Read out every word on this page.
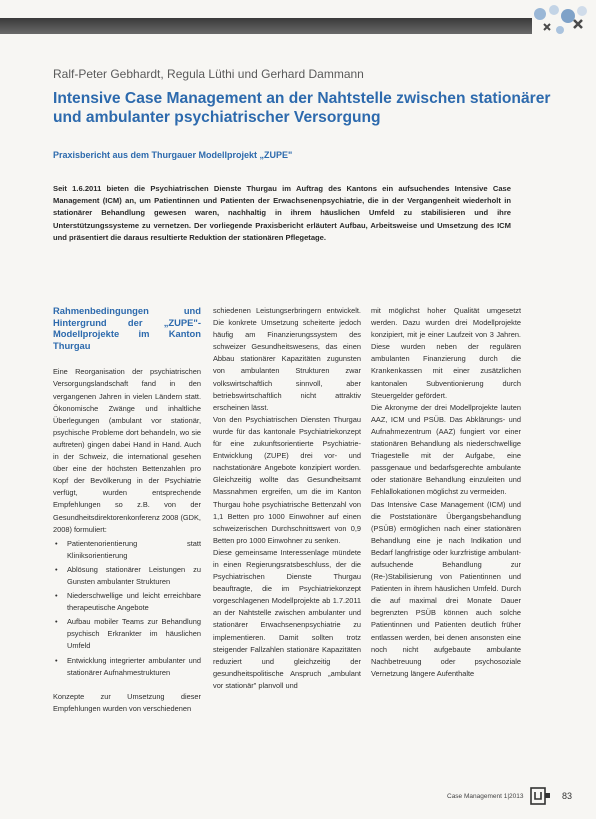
Ralf-Peter Gebhardt, Regula Lüthi und Gerhard Dammann
Intensive Case Management an der Nahtstelle zwischen stationärer und ambulanter psychiatrischer Versorgung
Praxisbericht aus dem Thurgauer Modellprojekt „ZUPE"
Seit 1.6.2011 bieten die Psychiatrischen Dienste Thurgau im Auftrag des Kantons ein aufsuchendes Intensive Case Management (ICM) an, um Patientinnen und Patienten der Erwachsenenpsychiatrie, die in der Vergangenheit wiederholt in stationärer Behandlung gewesen waren, nachhaltig in ihrem häuslichen Umfeld zu stabilisieren und ihre Unterstützungssysteme zu vernetzen. Der vorliegende Praxisbericht erläutert Aufbau, Arbeitsweise und Umsetzung des ICM und präsentiert die daraus resultierte Reduktion der stationären Pflegetage.
Rahmenbedingungen und Hintergrund der „ZUPE"-Modellprojekte im Kanton Thurgau

Eine Reorganisation der psychiatrischen Versorgungslandschaft fand in den vergangenen Jahren in vielen Ländern statt. Ökonomische Zwänge und inhaltliche Überlegungen (ambulant vor stationär, psychische Probleme dort behandeln, wo sie auftreten) gingen dabei Hand in Hand. Auch in der Schweiz, die international gesehen über eine der höchsten Bettenzahlen pro Kopf der Bevölkerung in der Psychiatrie verfügt, wurden entsprechende Empfehlungen so z.B. von der Gesundheitsdirektorenkonferenz 2008 (GDK, 2008) formuliert:

• Patientenorientierung statt Kliniksorientierung
• Ablösung stationärer Leistungen zu Gunsten ambulanter Strukturen
• Niederschwellige und leicht erreichbare therapeutische Angebote
• Aufbau mobiler Teams zur Behandlung psychisch Erkrankter im häuslichen Umfeld
• Entwicklung integrierter ambulanter und stationärer Aufnahmestrukturen

Konzepte zur Umsetzung dieser Empfehlungen wurden von verschiedenen

schiedenen Leistungserbringern entwickelt. Die konkrete Umsetzung scheiterte jedoch häufig am Finanzierungssystem des schweizer Gesundheitswesens, das einen Abbau stationärer Kapazitäten zugunsten von ambulanten Strukturen zwar volkswirtschaftlich sinnvoll, aber betriebswirtschaftlich nicht attraktiv erscheinen lässt.

Von den Psychiatrischen Diensten Thurgau wurde für das kantonale Psychiatriekonzept für eine zukunftsorientierte Psychiatrie-Entwicklung (ZUPE) drei vor- und nachstationäre Angebote konzipiert worden. Gleichzeitig wollte das Gesundheitsamt Massnahmen ergreifen, um die im Kanton Thurgau hohe psychiatrische Bettenzahl von 1,1 Betten pro 1000 Einwohner auf einen schweizerischen Durchschnittswert von 0,9 Betten pro 1000 Einwohner zu senken.

Diese gemeinsame Interessenlage mündete in einen Regierungsratsbeschluss, der die Psychiatrischen Dienste Thurgau beauftragte, die im Psychiatriekonzept vorgeschlagenen Modellprojekte ab 1.7.2011 an der Nahtstelle zwischen ambulanter und stationärer Erwachsenenpsychiatrie zu implementieren. Damit sollten trotz steigender Fallzahlen stationäre Kapazitäten reduziert und gleichzeitig der gesundheitspolitische Anspruch „ambulant vor stationär" planvoll und

mit möglichst hoher Qualität umgesetzt werden. Dazu wurden drei Modellprojekte konzipiert, mit je einer Laufzeit von 3 Jahren. Diese wurden neben der regulären ambulanten Finanzierung durch die Krankenkassen mit einer zusätzlichen kantonalen Subventionierung durch Steuergelder gefördert.

Die Akronyme der drei Modellprojekte lauten AAZ, ICM und PSÜB. Das Abklärungs- und Aufnahmezentrum (AAZ) fungiert vor einer stationären Behandlung als niederschwellige Triagestelle mit der Aufgabe, eine passgenaue und bedarfsgerechte ambulante oder stationäre Behandlung einzuleiten und Fehlallokationen möglichst zu vermeiden.

Das Intensive Case Management (ICM) und die Poststationäre Übergangsbehandlung (PSÜB) ermöglichen nach einer stationären Behandlung eine je nach Indikation und Bedarf langfristige oder kurzfristige ambulant-aufsuchende Behandlung zur (Re-)Stabilisierung von Patientinnen und Patienten in ihrem häuslichen Umfeld. Durch die auf maximal drei Monate Dauer begrenzten PSÜB können auch solche Patientinnen und Patienten deutlich früher entlassen werden, bei denen ansonsten eine noch nicht aufgebaute ambulante Nachbetreuung oder psychosoziale Vernetzung längere Aufenthalte

Case Management 1|2013	83
